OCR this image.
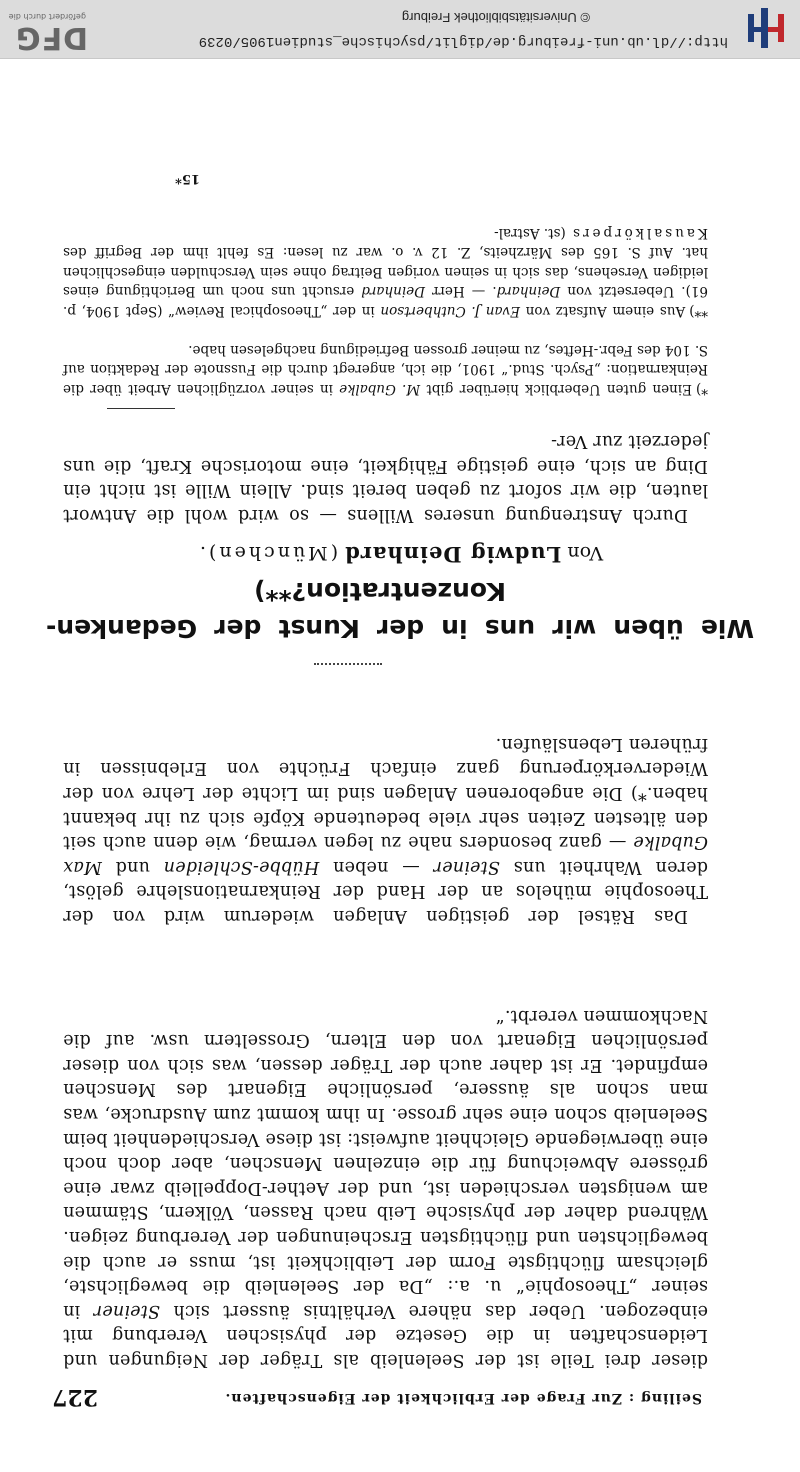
http://dl.ub.uni-freiburg.de/diglit/psychische_studien1905/0239
© Universitätsbibliothek Freiburg
DFG
gefördert durch die
Seiling : Zur Frage der Erblichkeit der Eigenschaften.
227

dieser drei Teile ist der Seelenleib als Träger der Neigungen und Leidenschaften in die Gesetze der physischen Vererbung mit einbezogen. Ueber das nähere Verhältnis äussert sich Steiner in seiner „Theosophie“ u. a.: „Da der Seelenleib die beweglichste, gleichsam flüchtigste Form der Leiblichkeit ist, muss er auch die beweglichsten und flüchtigsten Erscheinungen der Vererbung zeigen. Während daher der physische Leib nach Rassen, Völkern, Stämmen am wenigsten verschieden ist, und der Aether-Doppelleib zwar eine grössere Abweichung für die einzelnen Menschen, aber doch noch eine überwiegende Gleichheit aufweist: ist diese Verschiedenheit beim Seelenleib schon eine sehr grosse. In ihm kommt zum Ausdrucke, was man schon als äussere, persönliche Eigenart des Menschen empfindet. Er ist daher auch der Träger dessen, was sich von dieser persönlichen Eigenart von den Eltern, Grosseltern usw. auf die Nachkommen vererbt.“

Das Rätsel der geistigen Anlagen wiederum wird von der Theosophie mühelos an der Hand der Reinkarnationslehre gelöst, deren Wahrheit uns Steiner — neben Hübbe-Schleiden und Max Gubalke — ganz besonders nahe zu legen vermag, wie denn auch seit den ältesten Zeiten sehr viele bedeutende Köpfe sich zu ihr bekannt haben.*) Die angeborenen Anlagen sind im Lichte der Lehre von der Wiederverkörperung ganz einfach Früchte von Erlebnissen in früheren Lebensläufen.

Wie üben wir uns in der Kunst der Gedanken-
Konzentration?**)
Von Ludwig Deinhard (München).

Durch Anstrengung unseres Willens — so wird wohl die Antwort lauten, die wir sofort zu geben bereit sind. Allein Wille ist nicht ein Ding an sich, eine geistige Fähigkeit, eine motorische Kraft, die uns jederzeit zur Ver-

*)Einen guten Ueberblick hierüber gibt M. Gubalke in seiner vorzüglichen Arbeit über die Reinkarnation: „Psych. Stud.“ 1901, die ich, angeregt durch die Fussnote der Redaktion auf S. 104 des Febr.-Heftes, zu meiner grossen Befriedigung nachgelesen habe.

**)Aus einem Aufsatz von Evan J. Cuthbertson in der „Theosophical Review“ (Sept 1904, p. 61). Uebersetzt von Deinhard. — Herr Deinhard ersucht uns noch um Berichtigung eines leidigen Versehens, das sich in seinen vorigen Beitrag ohne sein Verschulden eingeschlichen hat. Auf S. 165 des Märzheits, Z. 12 v. o. war zu lesen: Es fehlt ihm der Begriff des Kausalkörpers (st. Astral-

15*
